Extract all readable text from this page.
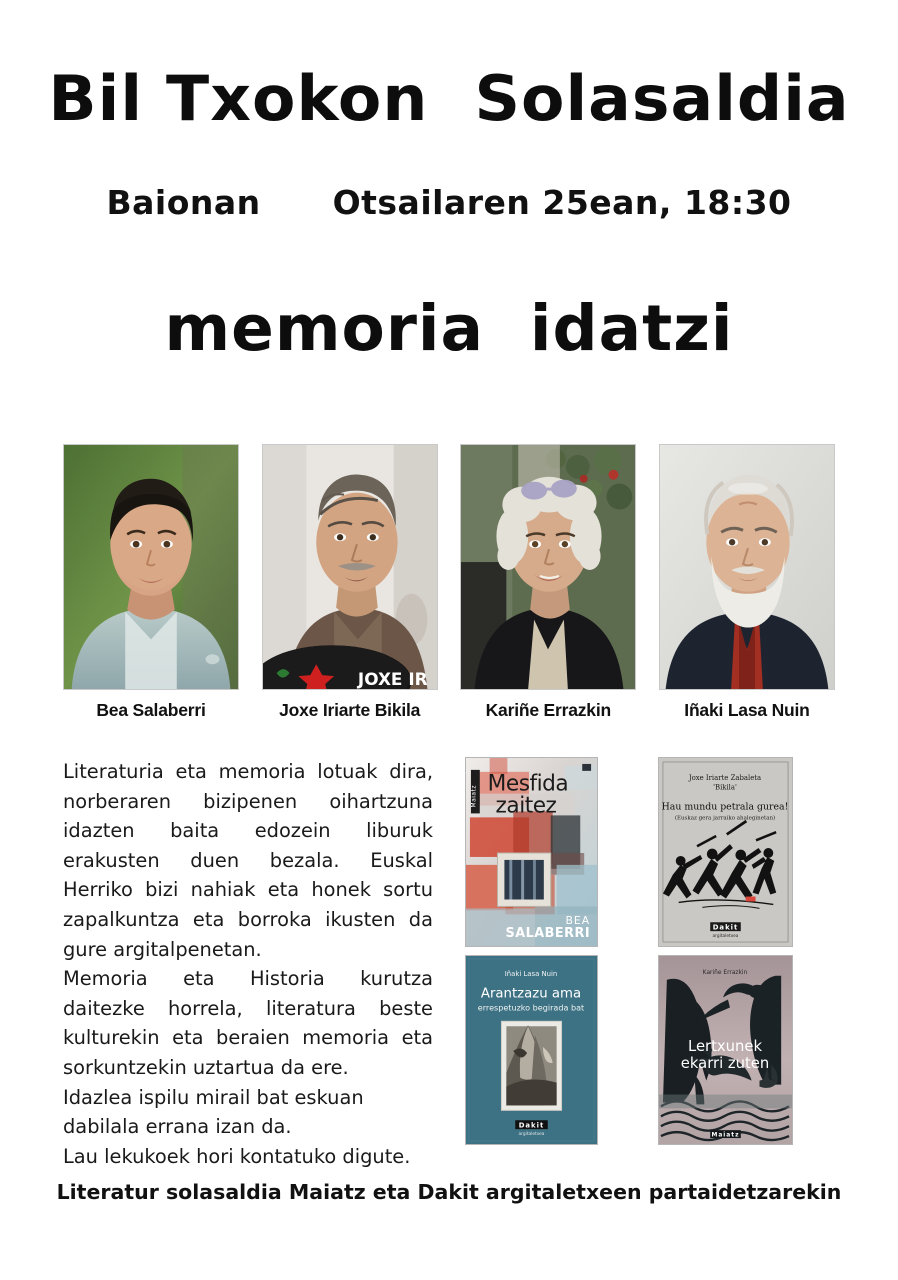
Bil Txokon  Solasaldia
Baionan      Otsailaren 25ean, 18:30
memoria  idatzi
JOXE IR
Bea Salaberri	Joxe Iriarte Bikila	Kariñe Errazkin	Iñaki Lasa Nuin

Literaturia eta memoria lotuak dira, norberaren bizipenen oihartzuna idazten baita edozein liburuk erakusten duen bezala. Euskal Herriko bizi nahiak eta honek sortu zapalkuntza eta borroka ikusten da gure argitalpenetan.

Memoria eta Historia kurutza daitezke horrela, literatura beste kulturekin eta beraien memoria eta sorkuntzekin uztartua da ere.

Idazlea ispilu mirail bat eskuan dabilala errana izan da.

Lau lekukoek hori kontatuko digute.

Maiatz Mesfida
zaitez
BEA
SALABERRI
Joxe Iriarte Zabaleta
'Bikila'
Hau mundu petrala gurea!
(Euskaz gera jarraiko ahaleginetan)
Dakit
argitaletxea
Iñaki Lasa Nuin
Arantzazu ama
errespetuzko begirada bat
Dakit
argitaletxea
Kariñe Errazkin
Lertxunek
ekarri zuten
Maiatz
Literatur solasaldia Maiatz eta Dakit argitaletxeen partaidetzarekin
